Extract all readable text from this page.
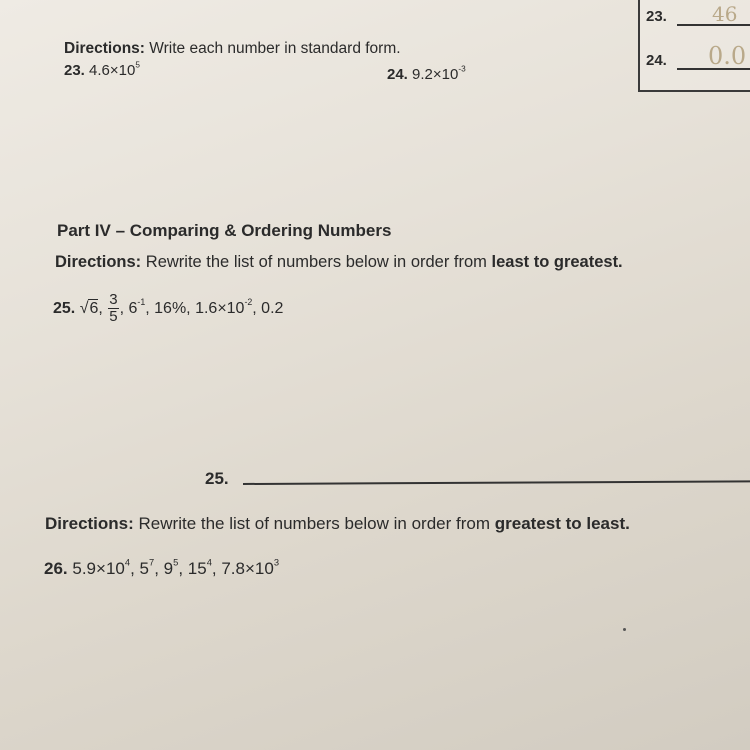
23. 46
24. 0.0
Directions: Write each number in standard form.
23. $4.6\times 10^5$
24. $9.2\times 10^{-3}$
Part IV – Comparing & Ordering Numbers
Directions: Rewrite the list of numbers below in order from least to greatest.
25. √6, $\frac{3}{5}$ , $6^{-1}$, 16%, $1.6\times 10^{-2}$, 0.2
25.
Directions: Rewrite the list of numbers below in order from greatest to least.
26. $5.9\times 10^4$, $5^7$, $9^5$, $15^4$, $7.8\times 10^3$
